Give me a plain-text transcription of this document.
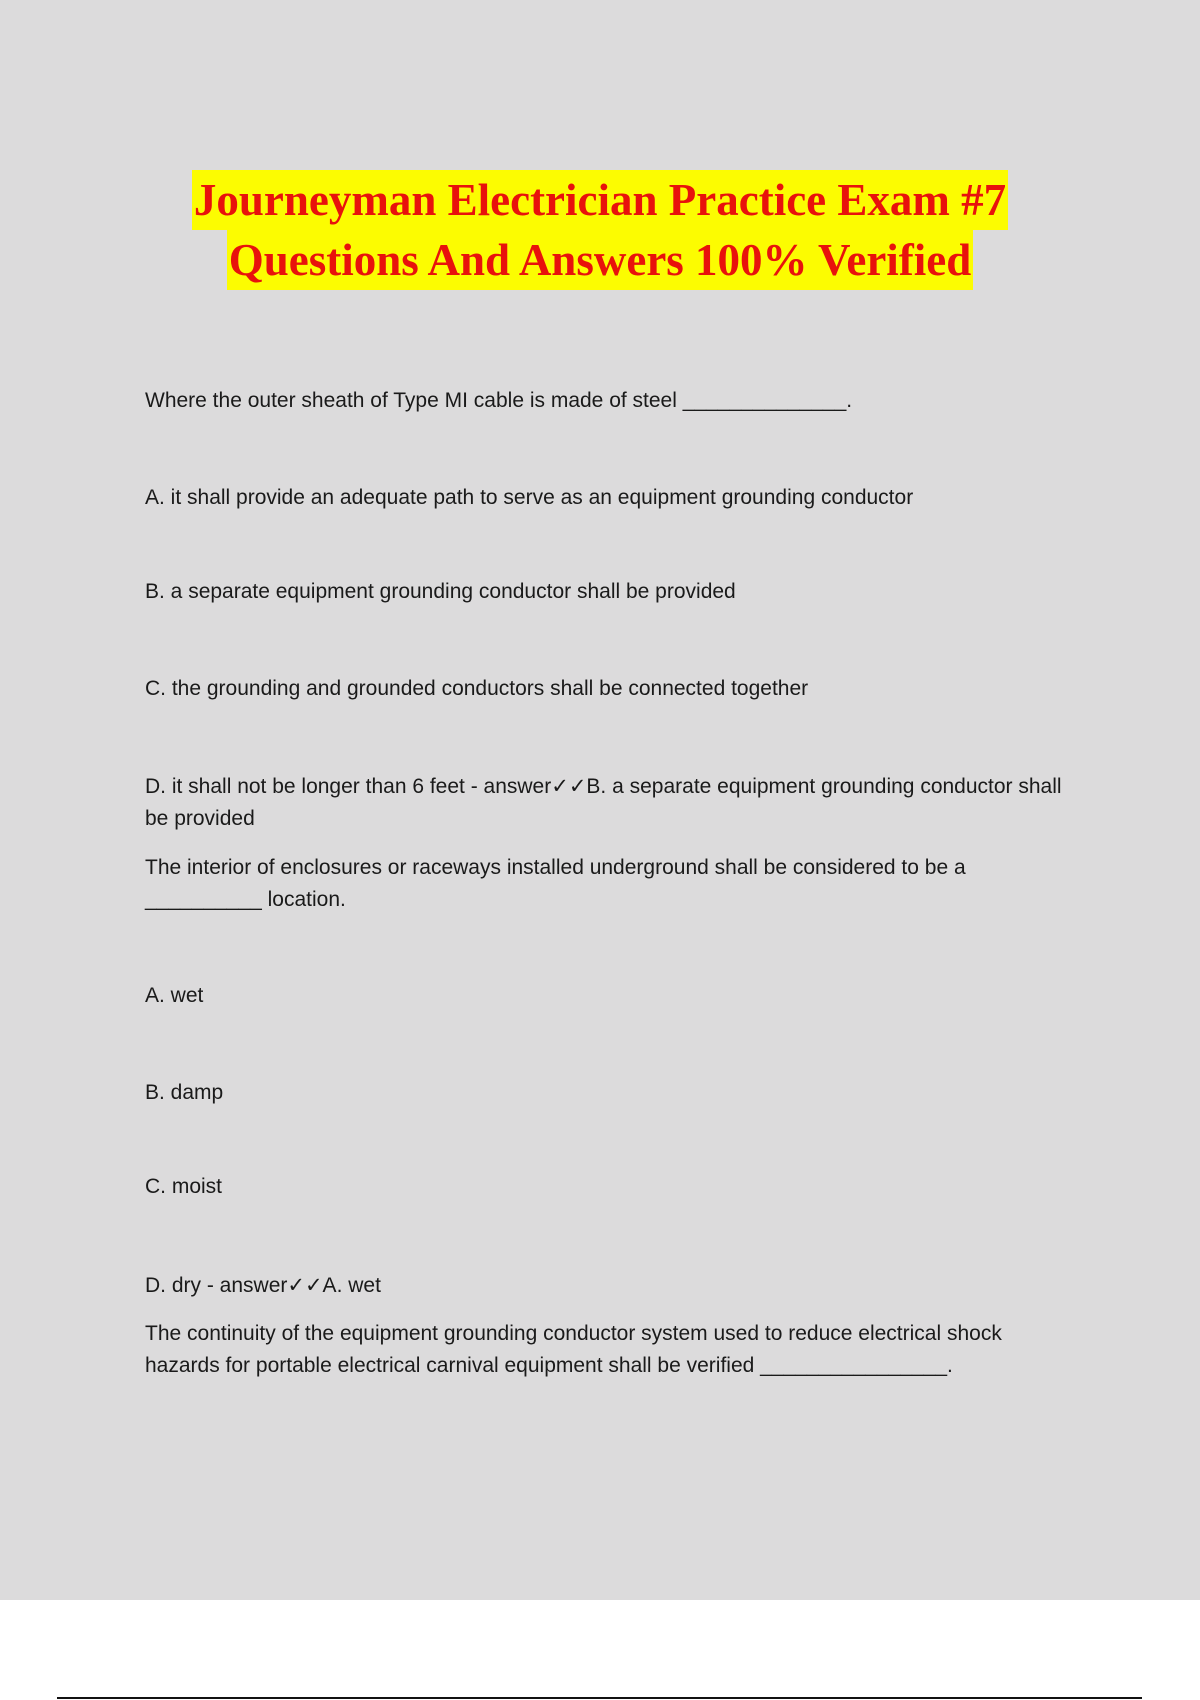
Journeyman Electrician Practice Exam #7
Questions And Answers 100% Verified
Where the outer sheath of Type MI cable is made of steel ______________.
A. it shall provide an adequate path to serve as an equipment grounding conductor
B. a separate equipment grounding conductor shall be provided
C. the grounding and grounded conductors shall be connected together
D. it shall not be longer than 6 feet - answer✓✓B. a separate equipment grounding conductor shall be provided
The interior of enclosures or raceways installed underground shall be considered to be a __________ location.
A. wet
B. damp
C. moist
D. dry - answer✓✓A. wet
The continuity of the equipment grounding conductor system used to reduce electrical shock hazards for portable electrical carnival equipment shall be verified ________________.
